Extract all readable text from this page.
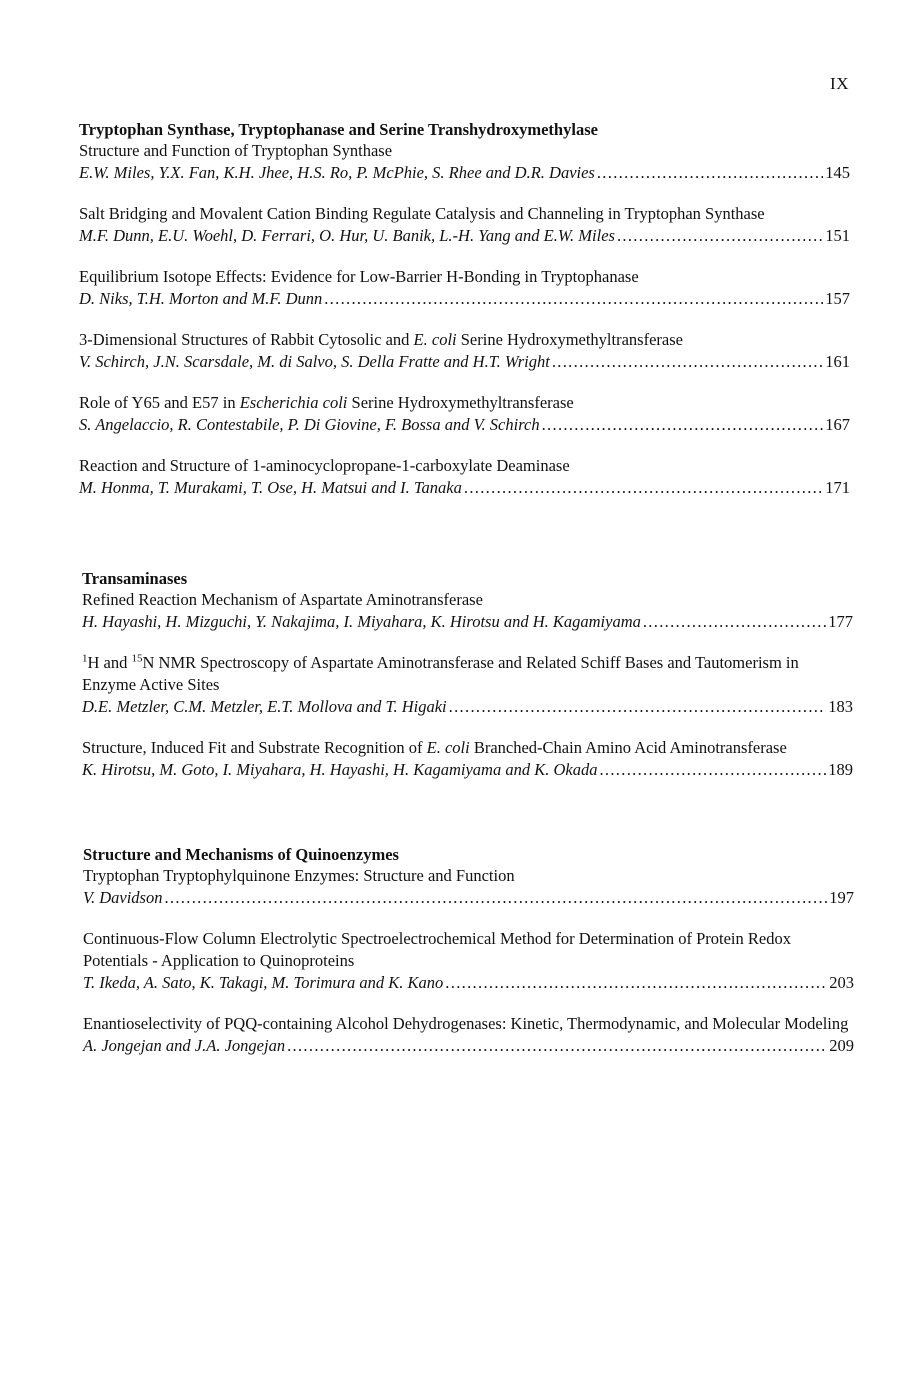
IX

Tryptophan Synthase, Tryptophanase and Serine Transhydroxymethylase

Structure and Function of Tryptophan Synthase

E.W. Miles, Y.X. Fan, K.H. Jhee, H.S. Ro, P. McPhie, S. Rhee and D.R. Davies . . .	145

Salt Bridging and Movalent Cation Binding Regulate Catalysis and Channeling in Tryptophan Synthase

M.F. Dunn, E.U. Woehl, D. Ferrari, O. Hur, U. Banik, L.-H. Yang and E.W. Miles . . .	151

Equilibrium Isotope Effects: Evidence for Low-Barrier H-Bonding in Tryptophanase

D. Niks, T.H. Morton and M.F. Dunn . . .	157

3-Dimensional Structures of Rabbit Cytosolic and E. coli Serine Hydroxymethyltransferase

V. Schirch, J.N. Scarsdale, M. di Salvo, S. Della Fratte and H.T. Wright . . .	161

Role of Y65 and E57 in Escherichia coli Serine Hydroxymethyltransferase

S. Angelaccio, R. Contestabile, P. Di Giovine, F. Bossa and V. Schirch . . .	167

Reaction and Structure of 1-aminocyclopropane-1-carboxylate Deaminase

M. Honma, T. Murakami, T. Ose, H. Matsui and I. Tanaka . . .	171

Transaminases

Refined Reaction Mechanism of Aspartate Aminotransferase

H. Hayashi, H. Mizguchi, Y. Nakajima, I. Miyahara, K. Hirotsu and H. Kagamiyama . . .	177

$^1$H and $^{15}$N NMR Spectroscopy of Aspartate Aminotransferase and Related Schiff Bases and Tautomerism in Enzyme Active Sites

D.E. Metzler, C.M. Metzler, E.T. Mollova and T. Higaki . . .	183

Structure, Induced Fit and Substrate Recognition of E. coli Branched-Chain Amino Acid Aminotransferase

K. Hirotsu, M. Goto, I. Miyahara, H. Hayashi, H. Kagamiyama and K. Okada . . .	189

Structure and Mechanisms of Quinoenzymes

Tryptophan Tryptophylquinone Enzymes: Structure and Function

V. Davidson . . .	197

Continuous-Flow Column Electrolytic Spectroelectrochemical Method for Determination of Protein Redox Potentials - Application to Quinoproteins

T. Ikeda, A. Sato, K. Takagi, M. Torimura and K. Kano . . .	203

Enantioselectivity of PQQ-containing Alcohol Dehydrogenases: Kinetic, Thermodynamic, and Molecular Modeling

A. Jongejan and J.A. Jongejan . . .	209
